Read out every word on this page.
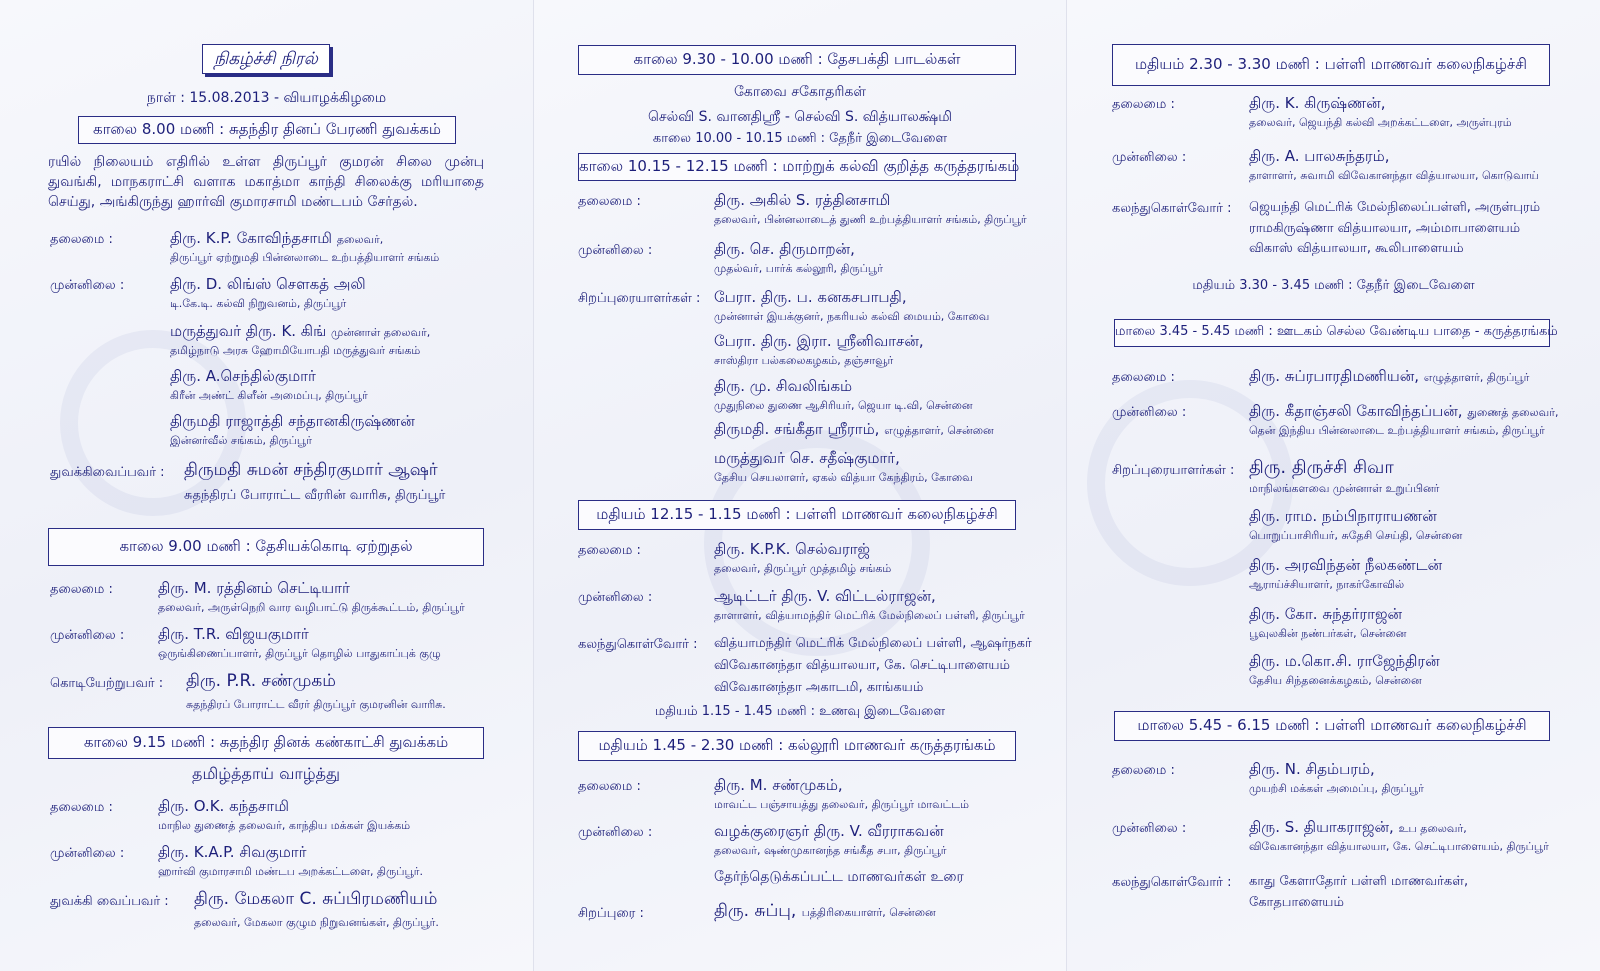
நிகழ்ச்சி நிரல்
நாள் : 15.08.2013 - வியாழக்கிழமை
காலை 8.00 மணி : சுதந்திர தினப் பேரணி துவக்கம்
ரயில் நிலையம் எதிரில் உள்ள திருப்பூர் குமரன் சிலை முன்பு துவங்கி, மாநகராட்சி வளாக மகாத்மா காந்தி சிலைக்கு மரியாதை செய்து, அங்கிருந்து ஹார்வி குமாரசாமி மண்டபம் சேர்தல்.
தலைமை :	திரு. K.P. கோவிந்தசாமி தலைவர்,
திருப்பூர் ஏற்றுமதி பின்னலாடை உற்பத்தியாளர் சங்கம்
முன்னிலை :	திரு. D. லிங்ஸ் சௌகத் அலி
டி.கே.டி. கல்வி நிறுவனம், திருப்பூர்
மருத்துவர் திரு. K. கிங் முன்னாள் தலைவர்,
தமிழ்நாடு அரசு ஹோமியோபதி மருத்துவர் சங்கம்
திரு. A.செந்தில்குமார்
கிரீன் அண்ட் கிளீன் அமைப்பு, திருப்பூர்
திருமதி ராஜாத்தி சந்தானகிருஷ்ணன்
இன்னர்வீல் சங்கம், திருப்பூர்
துவக்கிவைப்பவர் : திருமதி சுமன் சந்திரகுமார் ஆஷர்
சுதந்திரப் போராட்ட வீரரின் வாரிசு, திருப்பூர்
காலை 9.00 மணி : தேசியக்கொடி ஏற்றுதல்
தலைமை :	திரு. M. ரத்தினம் செட்டியார்
தலைவர், அருள்நெறி வார வழிபாட்டு திருக்கூட்டம், திருப்பூர்
முன்னிலை : திரு. T.R. விஜயகுமார்
ஒருங்கிணைப்பாளர், திருப்பூர் தொழில் பாதுகாப்புக் குழு
கொடியேற்றுபவர் : திரு. P.R. சண்முகம்
சுதந்திரப் போராட்ட வீரர் திருப்பூர் குமரனின் வாரிசு.
காலை 9.15 மணி : சுதந்திர தினக் கண்காட்சி துவக்கம்
தமிழ்த்தாய் வாழ்த்து
தலைமை :	திரு. O.K. கந்தசாமி
மாநில துணைத் தலைவர், காந்திய மக்கள் இயக்கம்
முன்னிலை : திரு. K.A.P. சிவகுமார்
ஹார்வி குமாரசாமி மண்டப அறக்கட்டளை, திருப்பூர்.
துவக்கி வைப்பவர் : திரு. மேகலா C. சுப்பிரமணியம்
தலைவர், மேகலா குழும நிறுவனங்கள், திருப்பூர்.
காலை 9.30 - 10.00 மணி : தேசபக்தி பாடல்கள்
கோவை சகோதரிகள்
செல்வி S. வானதிஸ்ரீ - செல்வி S. வித்யாலக்ஷ்மி
காலை 10.00 - 10.15 மணி : தேநீர் இடைவேளை
காலை 10.15 - 12.15 மணி : மாற்றுக் கல்வி குறித்த கருத்தரங்கம்
தலைமை :	திரு. அகில் S. ரத்தினசாமி
தலைவர், பின்னலாடைத் துணி உற்பத்தியாளர் சங்கம், திருப்பூர்
முன்னிலை :	திரு. செ. திருமாறன்,
முதல்வர், பார்க் கல்லூரி, திருப்பூர்
சிறப்புரையாளர்கள் : பேரா. திரு. ப. கனகசபாபதி,
முன்னாள் இயக்குனர், நகரியல் கல்வி மையம், கோவை
பேரா. திரு. இரா. ஸ்ரீனிவாசன்,
சாஸ்திரா பல்கலைகழகம், தஞ்சாவூர்
திரு. மு. சிவலிங்கம்
முதுநிலை துணை ஆசிரியர், ஜெயா டி.வி, சென்னை
திருமதி. சங்கீதா ஸ்ரீராம், எழுத்தாளர், சென்னை
மருத்துவர் செ. சதீஷ்குமார்,
தேசிய செயலாளர், ஏகல் வித்யா கேந்திரம், கோவை
மதியம் 12.15 - 1.15 மணி : பள்ளி மாணவர் கலைநிகழ்ச்சி
தலைமை :	திரு. K.P.K. செல்வராஜ்
தலைவர், திருப்பூர் முத்தமிழ் சங்கம்
முன்னிலை :	ஆடிட்டர் திரு. V. விட்டல்ராஜன்,
தாளாளர், வித்யாமந்திர் மெட்ரிக் மேல்நிலைப் பள்ளி, திருப்பூர்
கலந்துகொள்வோர் : வித்யாமந்திர் மெட்ரிக் மேல்நிலைப் பள்ளி, ஆஷர்நகர்
விவேகானந்தா வித்யாலயா, கே. செட்டிபாளையம்
விவேகானந்தா அகாடமி, காங்கயம்
மதியம் 1.15 - 1.45 மணி : உணவு இடைவேளை
மதியம் 1.45 - 2.30 மணி : கல்லூரி மாணவர் கருத்தரங்கம்
தலைமை :	திரு. M. சண்முகம்,
மாவட்ட பஞ்சாயத்து தலைவர், திருப்பூர் மாவட்டம்
முன்னிலை :	வழக்குரைஞர் திரு. V. வீரராகவன்
தலைவர், ஷண்முகானந்த சங்கீத சபா, திருப்பூர்
தேர்ந்தெடுக்கப்பட்ட மாணவர்கள் உரை
சிறப்புரை :	திரு. சுப்பு, பத்திரிகையாளர், சென்னை
மதியம் 2.30 - 3.30 மணி : பள்ளி மாணவர் கலைநிகழ்ச்சி
தலைமை :	திரு. K. கிருஷ்ணன்,
தலைவர், ஜெயந்தி கல்வி அறக்கட்டளை, அருள்புரம்
முன்னிலை :	திரு. A. பாலசுந்தரம்,
தாளாளர், சுவாமி விவேகானந்தா வித்யாலயா, கொடுவாய்
கலந்துகொள்வோர் : ஜெயந்தி மெட்ரிக் மேல்நிலைப்பள்ளி, அருள்புரம்
ராமகிருஷ்ணா வித்யாலயா, அம்மாபாளையம்
விகாஸ் வித்யாலயா, கூலிபாளையம்
மதியம் 3.30 - 3.45 மணி : தேநீர் இடைவேளை
மாலை 3.45 - 5.45 மணி : ஊடகம் செல்ல வேண்டிய பாதை - கருத்தரங்கம்
தலைமை :	திரு. சுப்ரபாரதிமணியன், எழுத்தாளர், திருப்பூர்
முன்னிலை :	திரு. கீதாஞ்சலி கோவிந்தப்பன், துணைத் தலைவர்,
தென் இந்திய பின்னலாடை உற்பத்தியாளர் சங்கம், திருப்பூர்
சிறப்புரையாளர்கள் : திரு. திருச்சி சிவா
மாநிலங்களவை முன்னாள் உறுப்பினர்
திரு. ராம. நம்பிநாராயணன்
பொறுப்பாசிரியர், சுதேசி செய்தி, சென்னை
திரு. அரவிந்தன் நீலகண்டன்
ஆராய்ச்சியாளர், நாகர்கோவில்
திரு. கோ. சுந்தர்ராஜன்
பூவுலகின் நண்பர்கள், சென்னை
திரு. ம.கொ.சி. ராஜேந்திரன்
தேசிய சிந்தனைக்கழகம், சென்னை
மாலை 5.45 - 6.15 மணி : பள்ளி மாணவர் கலைநிகழ்ச்சி
தலைமை :	திரு. N. சிதம்பரம்,
முயற்சி மக்கள் அமைப்பு, திருப்பூர்
முன்னிலை :	திரு. S. தியாகராஜன், உப தலைவர்,
விவேகானந்தா வித்யாலயா, கே. செட்டிபாளையம், திருப்பூர்
கலந்துகொள்வோர் : காது கேளாதோர் பள்ளி மாணவர்கள்,
கோதபாளையம்
